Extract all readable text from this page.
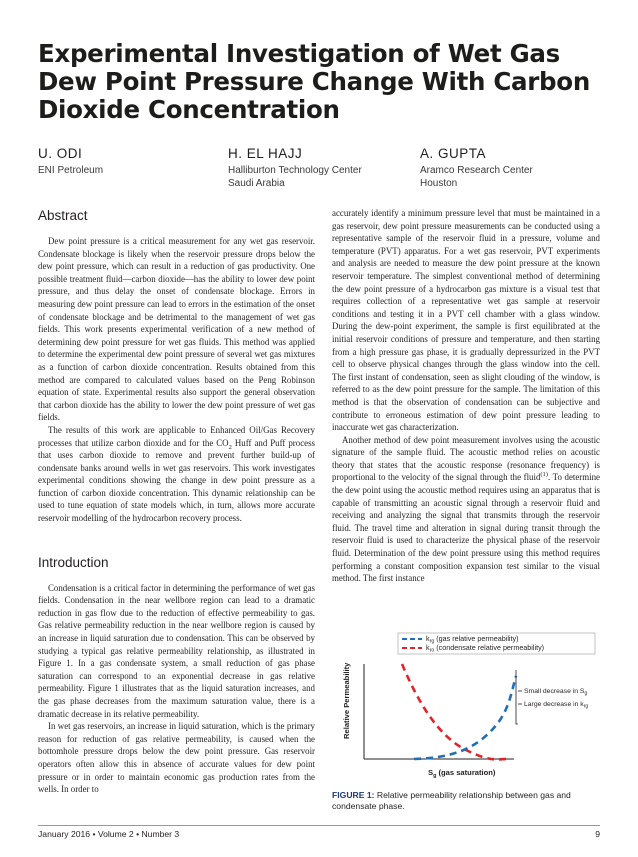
Experimental Investigation of Wet Gas Dew Point Pressure Change With Carbon Dioxide Concentration
U. ODI
ENI Petroleum
H. EL HAJJ
Halliburton Technology Center
Saudi Arabia
A. GUPTA
Aramco Research Center
Houston
Abstract

Dew point pressure is a critical measurement for any wet gas reservoir. Condensate blockage is likely when the reservoir pressure drops below the dew point pressure, which can result in a reduction of gas productivity. One possible treatment fluid—carbon dioxide—has the ability to lower dew point pressure, and thus delay the onset of condensate blockage. Errors in measuring dew point pressure can lead to errors in the estimation of the onset of condensate blockage and be detrimental to the management of wet gas fields. This work presents experimental verification of a new method of determining dew point pressure for wet gas fluids. This method was applied to determine the experimental dew point pressure of several wet gas mixtures as a function of carbon dioxide concentration. Results obtained from this method are compared to calculated values based on the Peng Robinson equation of state. Experimental results also support the general observation that carbon dioxide has the ability to lower the dew point pressure of wet gas fields.

The results of this work are applicable to Enhanced Oil/Gas Recovery processes that utilize carbon dioxide and for the $CO_2$ Huff and Puff process that uses carbon dioxide to remove and prevent further build-up of condensate banks around wells in wet gas reservoirs. This work investigates experimental conditions showing the change in dew point pressure as a function of carbon dioxide concentration. This dynamic relationship can be used to tune equation of state models which, in turn, allows more accurate reservoir modelling of the hydrocarbon recovery process.

Introduction

Condensation is a critical factor in determining the performance of wet gas fields. Condensation in the near wellbore region can lead to a dramatic reduction in gas flow due to the reduction of effective permeability to gas. Gas relative permeability reduction in the near wellbore region is caused by an increase in liquid saturation due to condensation. This can be observed by studying a typical gas relative permeability relationship, as illustrated in Figure 1. In a gas condensate system, a small reduction of gas phase saturation can correspond to an exponential decrease in gas relative permeability. Figure 1 illustrates that as the liquid saturation increases, and the gas phase decreases from the maximum saturation value, there is a dramatic decrease in its relative permeability.

In wet gas reservoirs, an increase in liquid saturation, which is the primary reason for reduction of gas relative permeability, is caused when the bottomhole pressure drops below the dew point pressure. Gas reservoir operators often allow this in absence of accurate values for dew point pressure or in order to maintain economic gas production rates from the wells. In order to

accurately identify a minimum pressure level that must be maintained in a gas reservoir, dew point pressure measurements can be conducted using a representative sample of the reservoir fluid in a pressure, volume and temperature (PVT) apparatus. For a wet gas reservoir, PVT experiments and analysis are needed to measure the dew point pressure at the known reservoir temperature. The simplest conventional method of determining the dew point pressure of a hydrocarbon gas mixture is a visual test that requires collection of a representative wet gas sample at reservoir conditions and testing it in a PVT cell chamber with a glass window. During the dew-point experiment, the sample is first equilibrated at the initial reservoir conditions of pressure and temperature, and then starting from a high pressure gas phase, it is gradually depressurized in the PVT cell to observe physical changes through the glass window into the cell. The first instant of condensation, seen as slight clouding of the window, is referred to as the dew point pressure for the sample. The limitation of this method is that the observation of condensation can be subjective and contribute to erroneous estimation of dew point pressure leading to inaccurate wet gas characterization.

Another method of dew point measurement involves using the acoustic signature of the sample fluid. The acoustic method relies on acoustic theory that states that the acoustic response (resonance frequency) is proportional to the velocity of the signal through the fluid$^{(1)}$. To determine the dew point using the acoustic method requires using an apparatus that is capable of transmitting an acoustic signal through a reservoir fluid and receiving and analyzing the signal that transmits through the reservoir fluid. The travel time and alteration in signal during transit through the reservoir fluid is used to characterize the physical phase of the reservoir fluid. Determination of the dew point pressure using this method requires performing a constant composition expansion test similar to the visual method. The first instance

$k_{rg}$ (gas relative permeability)
$k_{ro}$ (condensate relative permeability)
Relative Permeability	Small decrease in $S_g$
Large decrease in $k_{rg}$
$S_g$ (gas saturation)
FIGURE 1: Relative permeability relationship between gas and condensate phase.
January 2016 • Volume 2 • Number 3	9
